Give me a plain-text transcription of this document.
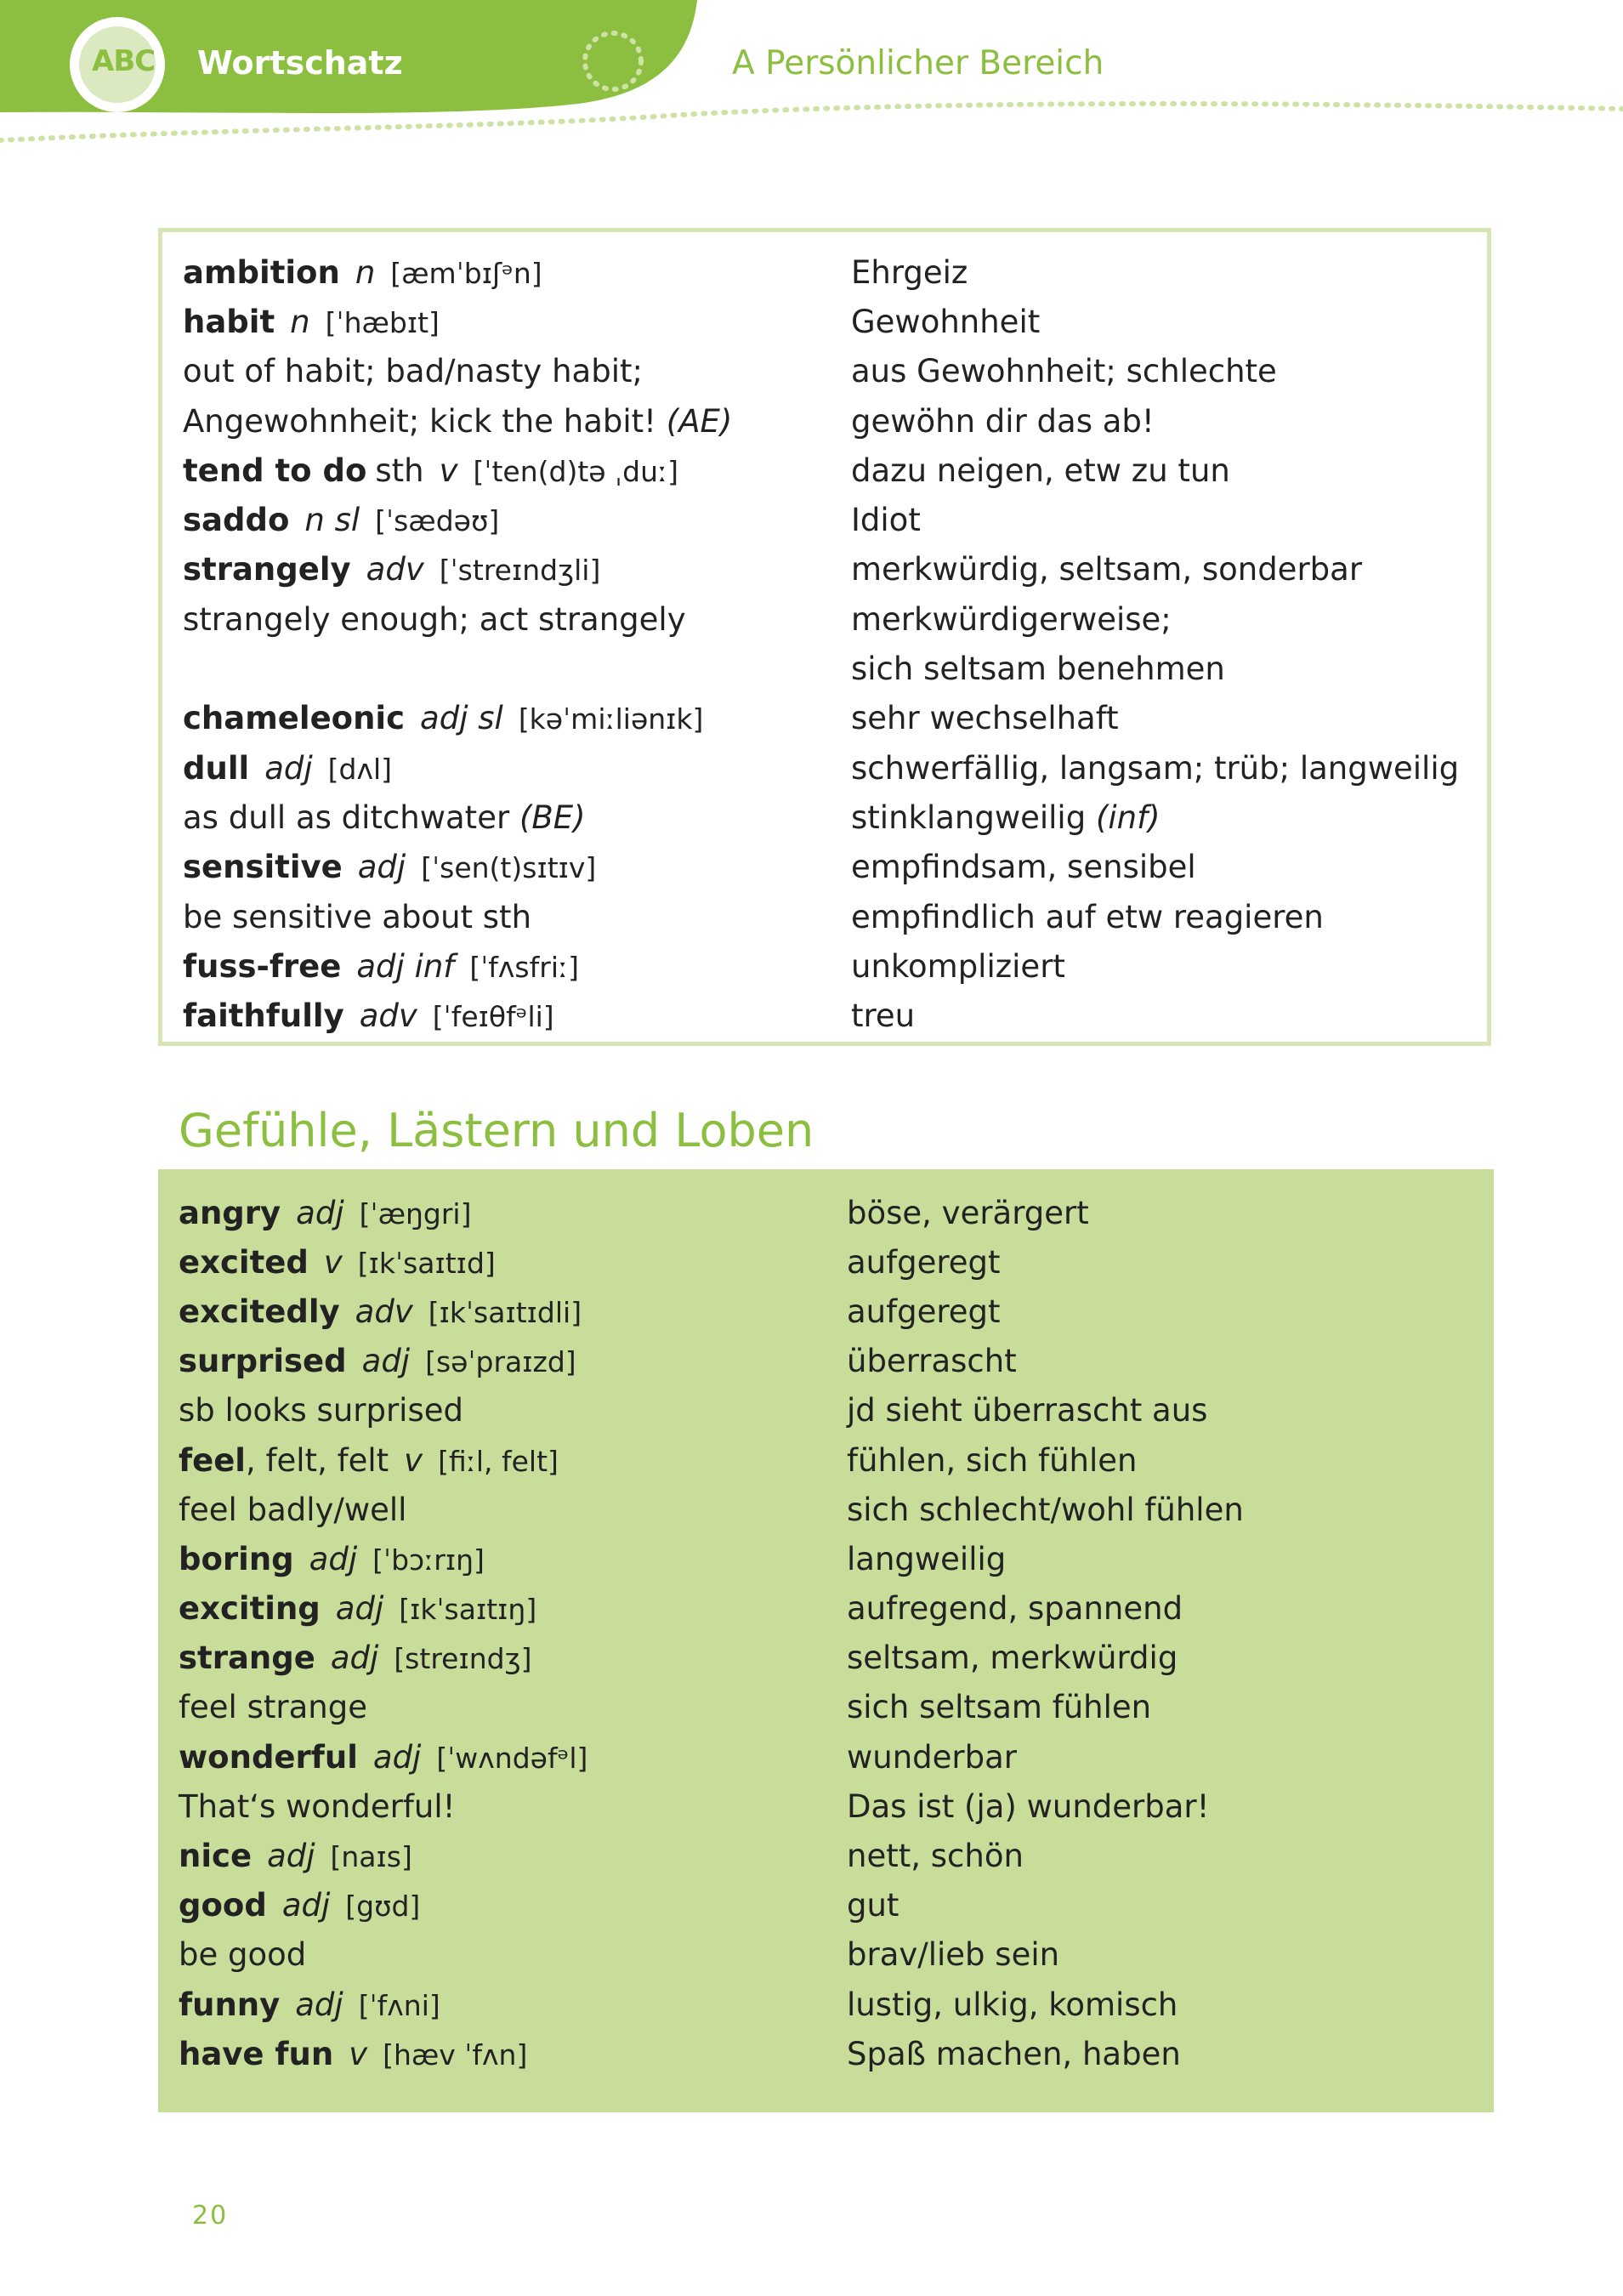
ABC Wortschatz	A Persönlicher Bereich
ambition n [æmˈbɪʃᵊn]	Ehrgeiz
habit n [ˈhæbɪt]	Gewohnheit
out of habit; bad/nasty habit;	aus Gewohnheit; schlechte
Angewohnheit; kick the habit! (AE)	gewöhn dir das ab!
tend to do sth v [ˈten(d)tə ˌduː]	dazu neigen, etw zu tun
saddo n sl [ˈsædəʊ]	Idiot
strangely adv [ˈstreɪndʒli]	merkwürdig, seltsam, sonderbar
strangely enough; act strangely	merkwürdigerweise;
sich seltsam benehmen
chameleonic adj sl [kəˈmiːliənɪk]	sehr wechselhaft
dull adj [dʌl]	schwerfällig, langsam; trüb; langweilig
as dull as ditchwater (BE)	stinklangweilig (inf)
sensitive adj [ˈsen(t)sɪtɪv]	empfindsam, sensibel
be sensitive about sth	empfindlich auf etw reagieren
fuss-free adj inf [ˈfʌsfriː]	unkompliziert
faithfully adv [ˈfeɪθfᵊli]	treu
Gefühle, Lästern und Loben
angry adj [ˈæŋgri]	böse, verärgert
excited v [ɪkˈsaɪtɪd]	aufgeregt
excitedly adv [ɪkˈsaɪtɪdli]	aufgeregt
surprised adj [səˈpraɪzd]	überrascht
sb looks surprised	jd sieht überrascht aus
feel, felt, felt v [fiːl, felt]	fühlen, sich fühlen
feel badly/well	sich schlecht/wohl fühlen
boring adj [ˈbɔːrɪŋ]	langweilig
exciting adj [ɪkˈsaɪtɪŋ]	aufregend, spannend
strange adj [streɪndʒ]	seltsam, merkwürdig
feel strange	sich seltsam fühlen
wonderful adj [ˈwʌndəfᵊl]	wunderbar
That‘s wonderful!	Das ist (ja) wunderbar!
nice adj [naɪs]	nett, schön
good adj [gʊd]	gut
be good	brav/lieb sein
funny adj [ˈfʌni]	lustig, ulkig, komisch
have fun v [hæv ˈfʌn]	Spaß machen, haben
20
